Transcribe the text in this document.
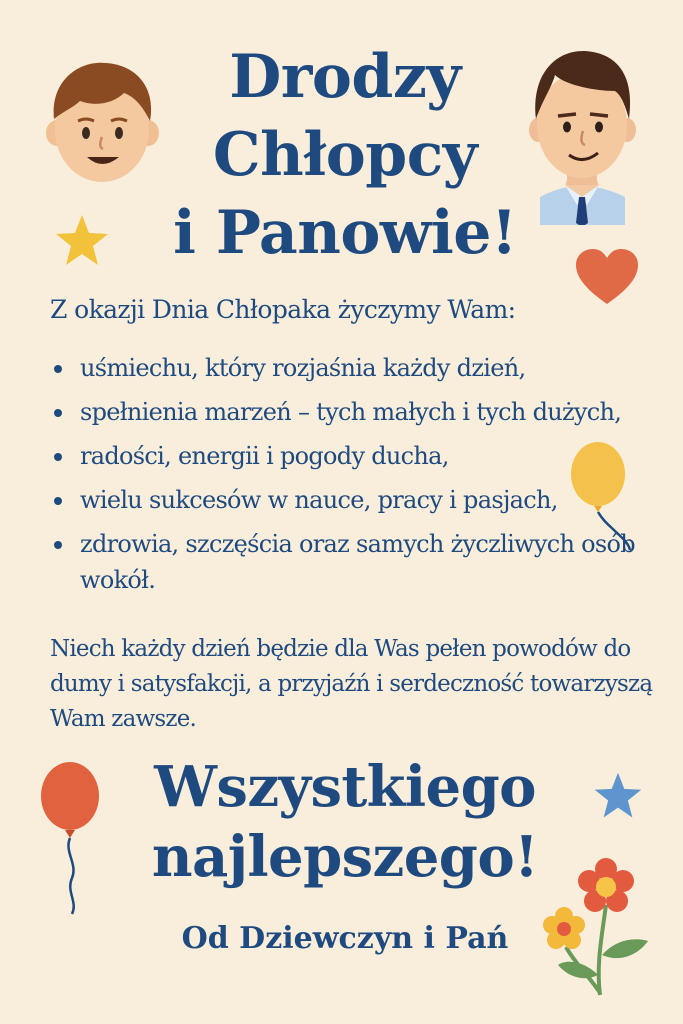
Drodzy
Chłopcy
i Panowie!
Z okazji Dnia Chłopaka życzymy Wam:
uśmiechu, który rozjaśnia każdy dzień,
spełnienia marzeń – tych małych i tych dużych,
radości, energii i pogody ducha,
wielu sukcesów w nauce, pracy i pasjach,
zdrowia, szczęścia oraz samych życzliwych osób wokół.
Niech każdy dzień będzie dla Was pełen powodów do dumy i satysfakcji, a przyjaźń i serdeczność towarzyszą Wam zawsze.
Wszystkiego
najlepszego!
Od Dziewczyn i Pań
